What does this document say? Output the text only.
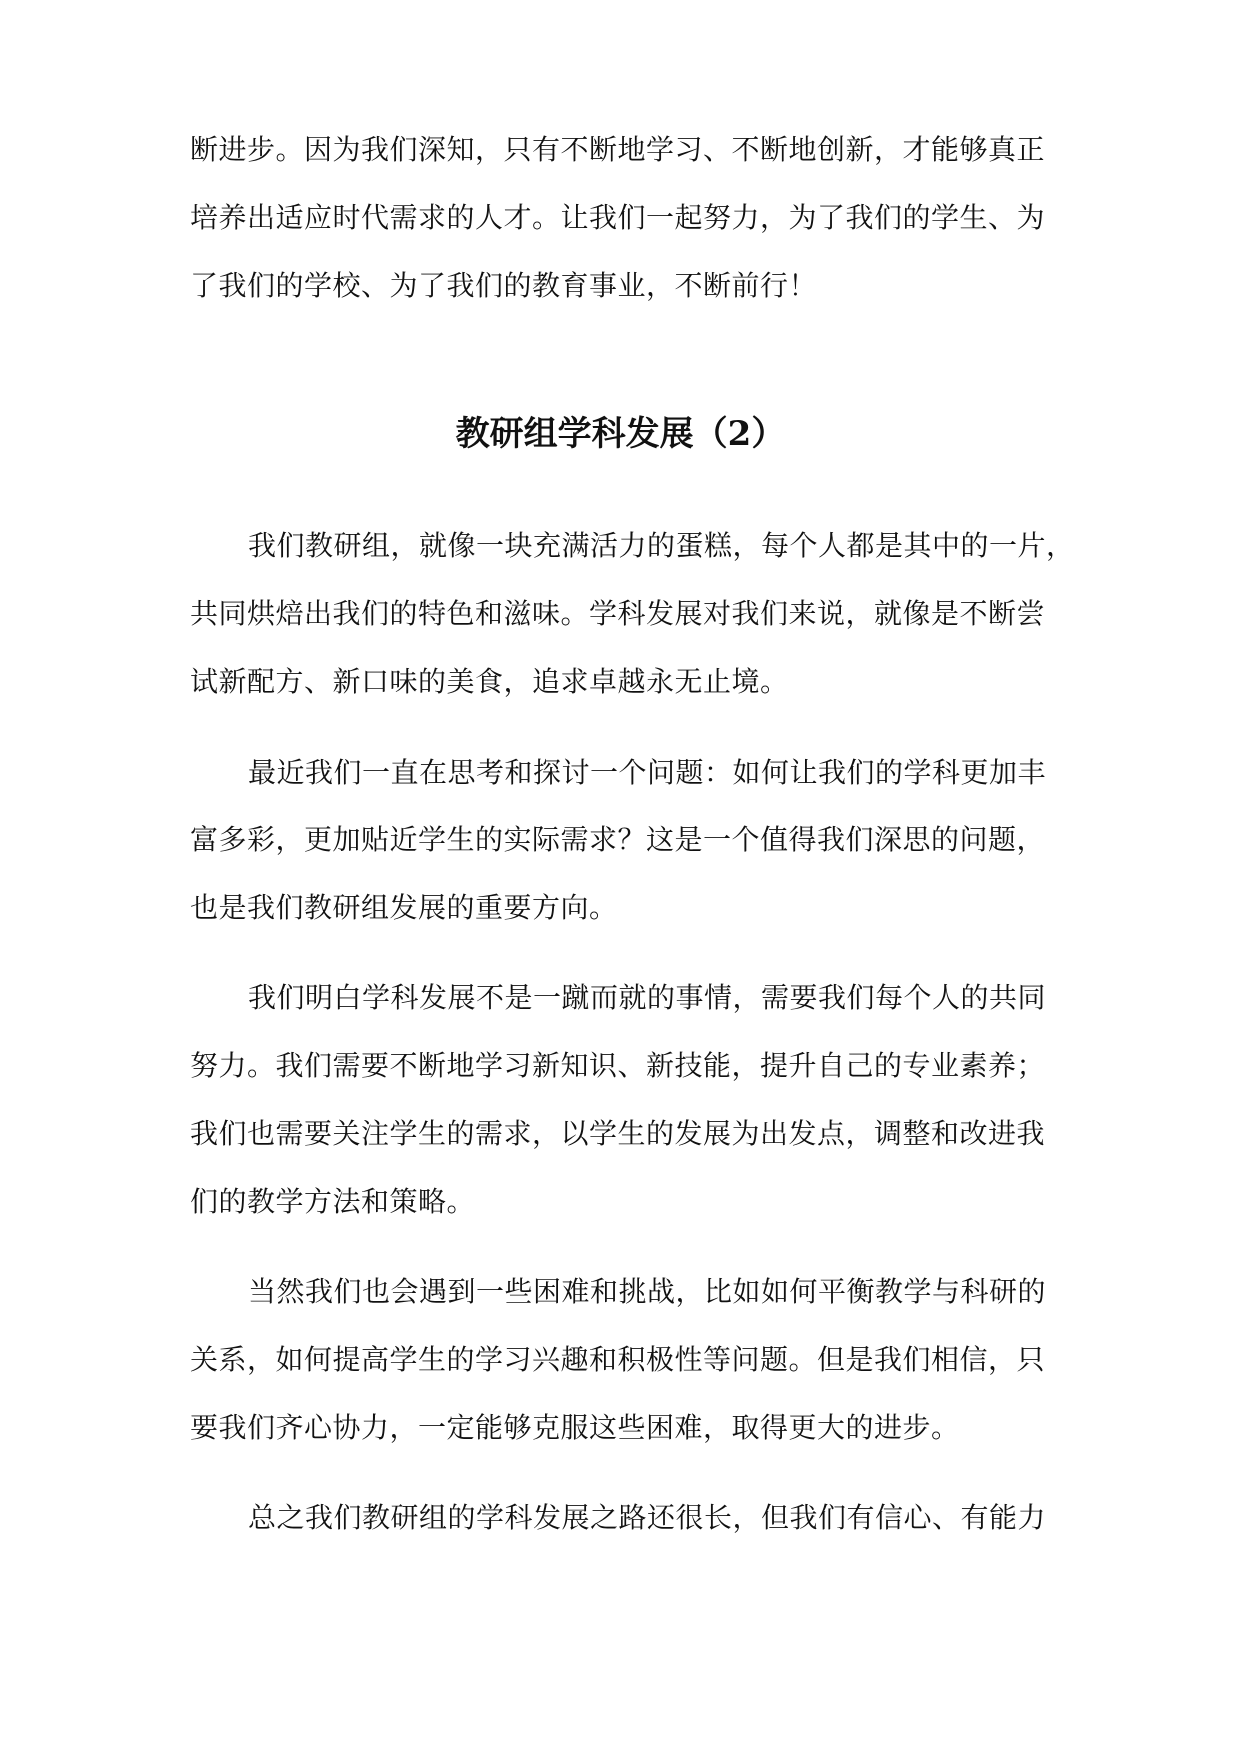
断进步。因为我们深知，只有不断地学习、不断地创新，才能够真正
培养出适应时代需求的人才。让我们一起努力，为了我们的学生、为
了我们的学校、为了我们的教育事业，不断前行！
教研组学科发展（2）
我们教研组，就像一块充满活力的蛋糕，每个人都是其中的一片，
共同烘焙出我们的特色和滋味。学科发展对我们来说，就像是不断尝
试新配方、新口味的美食，追求卓越永无止境。
最近我们一直在思考和探讨一个问题：如何让我们的学科更加丰
富多彩，更加贴近学生的实际需求？这是一个值得我们深思的问题，
也是我们教研组发展的重要方向。
我们明白学科发展不是一蹴而就的事情，需要我们每个人的共同
努力。我们需要不断地学习新知识、新技能，提升自己的专业素养；
我们也需要关注学生的需求，以学生的发展为出发点，调整和改进我
们的教学方法和策略。
当然我们也会遇到一些困难和挑战，比如如何平衡教学与科研的
关系，如何提高学生的学习兴趣和积极性等问题。但是我们相信，只
要我们齐心协力，一定能够克服这些困难，取得更大的进步。
总之我们教研组的学科发展之路还很长，但我们有信心、有能力
